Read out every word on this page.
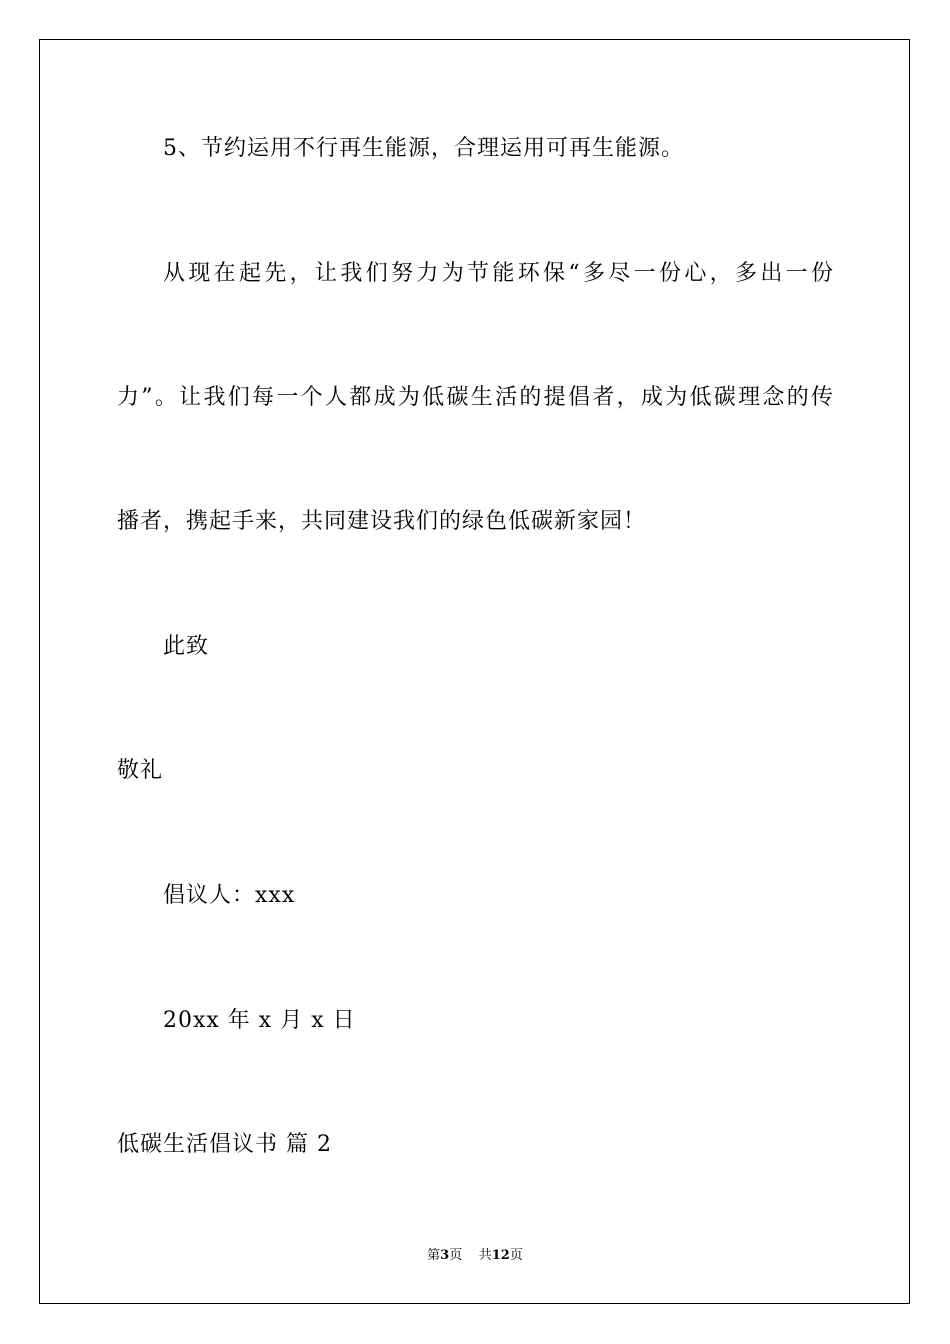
5、节约运用不行再生能源，合理运用可再生能源。
从现在起先，让我们努力为节能环保“多尽一份心，多出一份
力”。让我们每一个人都成为低碳生活的提倡者，成为低碳理念的传
播者，携起手来，共同建设我们的绿色低碳新家园！
此致
敬礼
倡议人：xxx
20xx 年 x 月 x 日
低碳生活倡议书 篇 2
第3页 共12页
